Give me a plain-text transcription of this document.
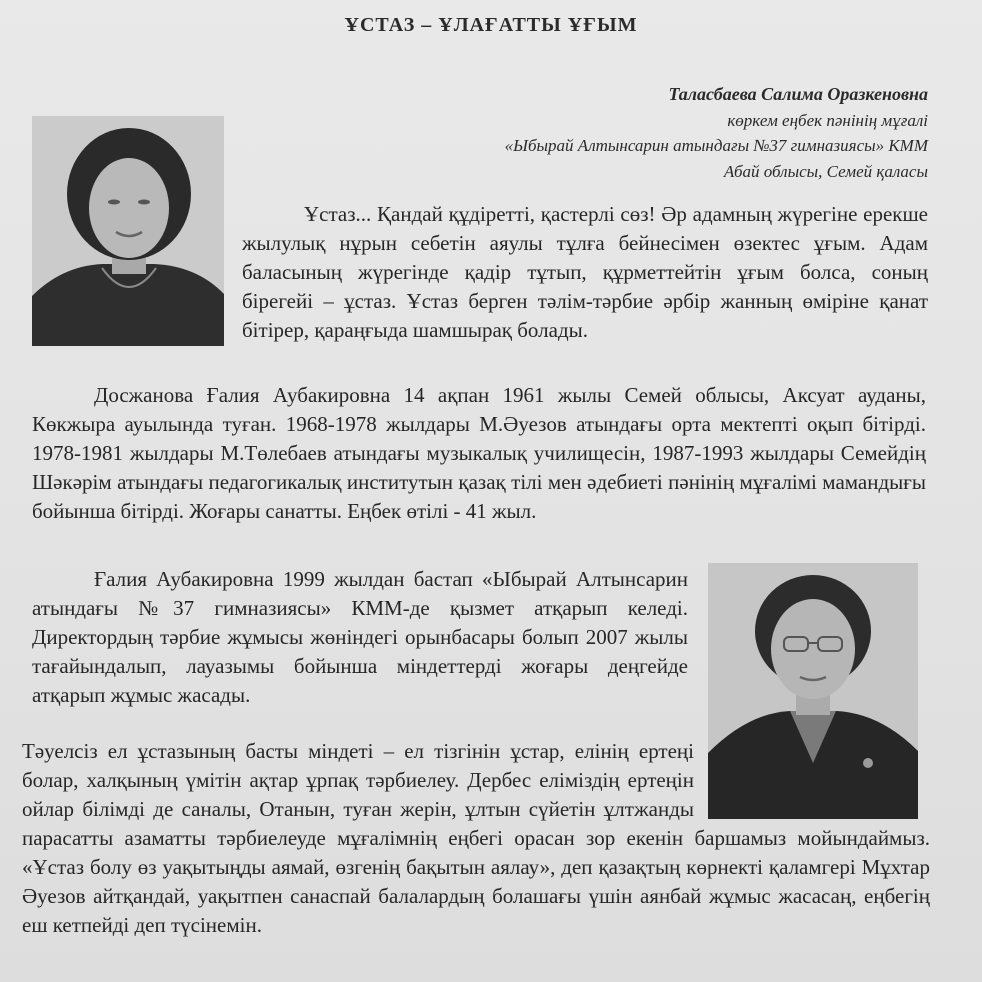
ҰСТАЗ – ҰЛАҒАТТЫ ҰҒЫМ
Таласбаева Салима Оразкеновна
көркем еңбек пәнінің мұғалі
«Ыбырай Алтынсарин атындағы №37 гимназиясы» КММ
Абай облысы, Семей қаласы

Ұстаз... Қандай құдіретті, қастерлі сөз! Әр адамның жүрегіне ерекше жылулық нұрын себетін аяулы тұлға бейнесімен өзектес ұғым. Адам баласының жүрегінде қадір тұтып, құрметтейтін ұғым болса, соның бірегейі – ұстаз. Ұстаз берген тәлім-тәрбие әрбір жанның өміріне қанат бітірер, қараңғыда шамшырақ болады.

Досжанова Ғалия Аубакировна 14 ақпан 1961 жылы Семей облысы, Аксуат ауданы, Көкжыра ауылында туған. 1968-1978 жылдары М.Әуезов атындағы орта мектепті оқып бітірді. 1978-1981 жылдары М.Төлебаев атындағы музыкалық училищесін, 1987-1993 жылдары Семейдің Шәкәрім атындағы педагогикалық институтын қазақ тілі мен әдебиеті пәнінің мұғалімі мамандығы бойынша бітірді. Жоғары санатты. Еңбек өтілі - 41 жыл.

Ғалия Аубакировна 1999 жылдан бастап «Ыбырай Алтынсарин атындағы №37 гимназиясы» КММ-де қызмет атқарып келеді. Директордың тәрбие жұмысы жөніндегі орынбасары болып 2007 жылы тағайындалып, лауазымы бойынша міндеттерді жоғары деңгейде атқарып жұмыс жасады.

Тәуелсіз ел ұстазының басты міндеті – ел тізгінін ұстар, елінің ертеңі болар, халқының үмітін ақтар ұрпақ тәрбиелеу. Дербес еліміздің ертеңін ойлар білімді де саналы, Отанын, туған жерін, ұлтын сүйетін ұлтжанды парасатты азаматты тәрбиелеуде мұғалімнің еңбегі орасан зор екенін баршамыз мойындаймыз. «Ұстаз болу өз уақытыңды аямай, өзгенің бақытын аялау», деп қазақтың көрнекті қаламгері Мұхтар Әуезов айтқандай, уақытпен санаспай балалардың болашағы үшін аянбай жұмыс жасасаң, еңбегің еш кетпейді деп түсінемін.
